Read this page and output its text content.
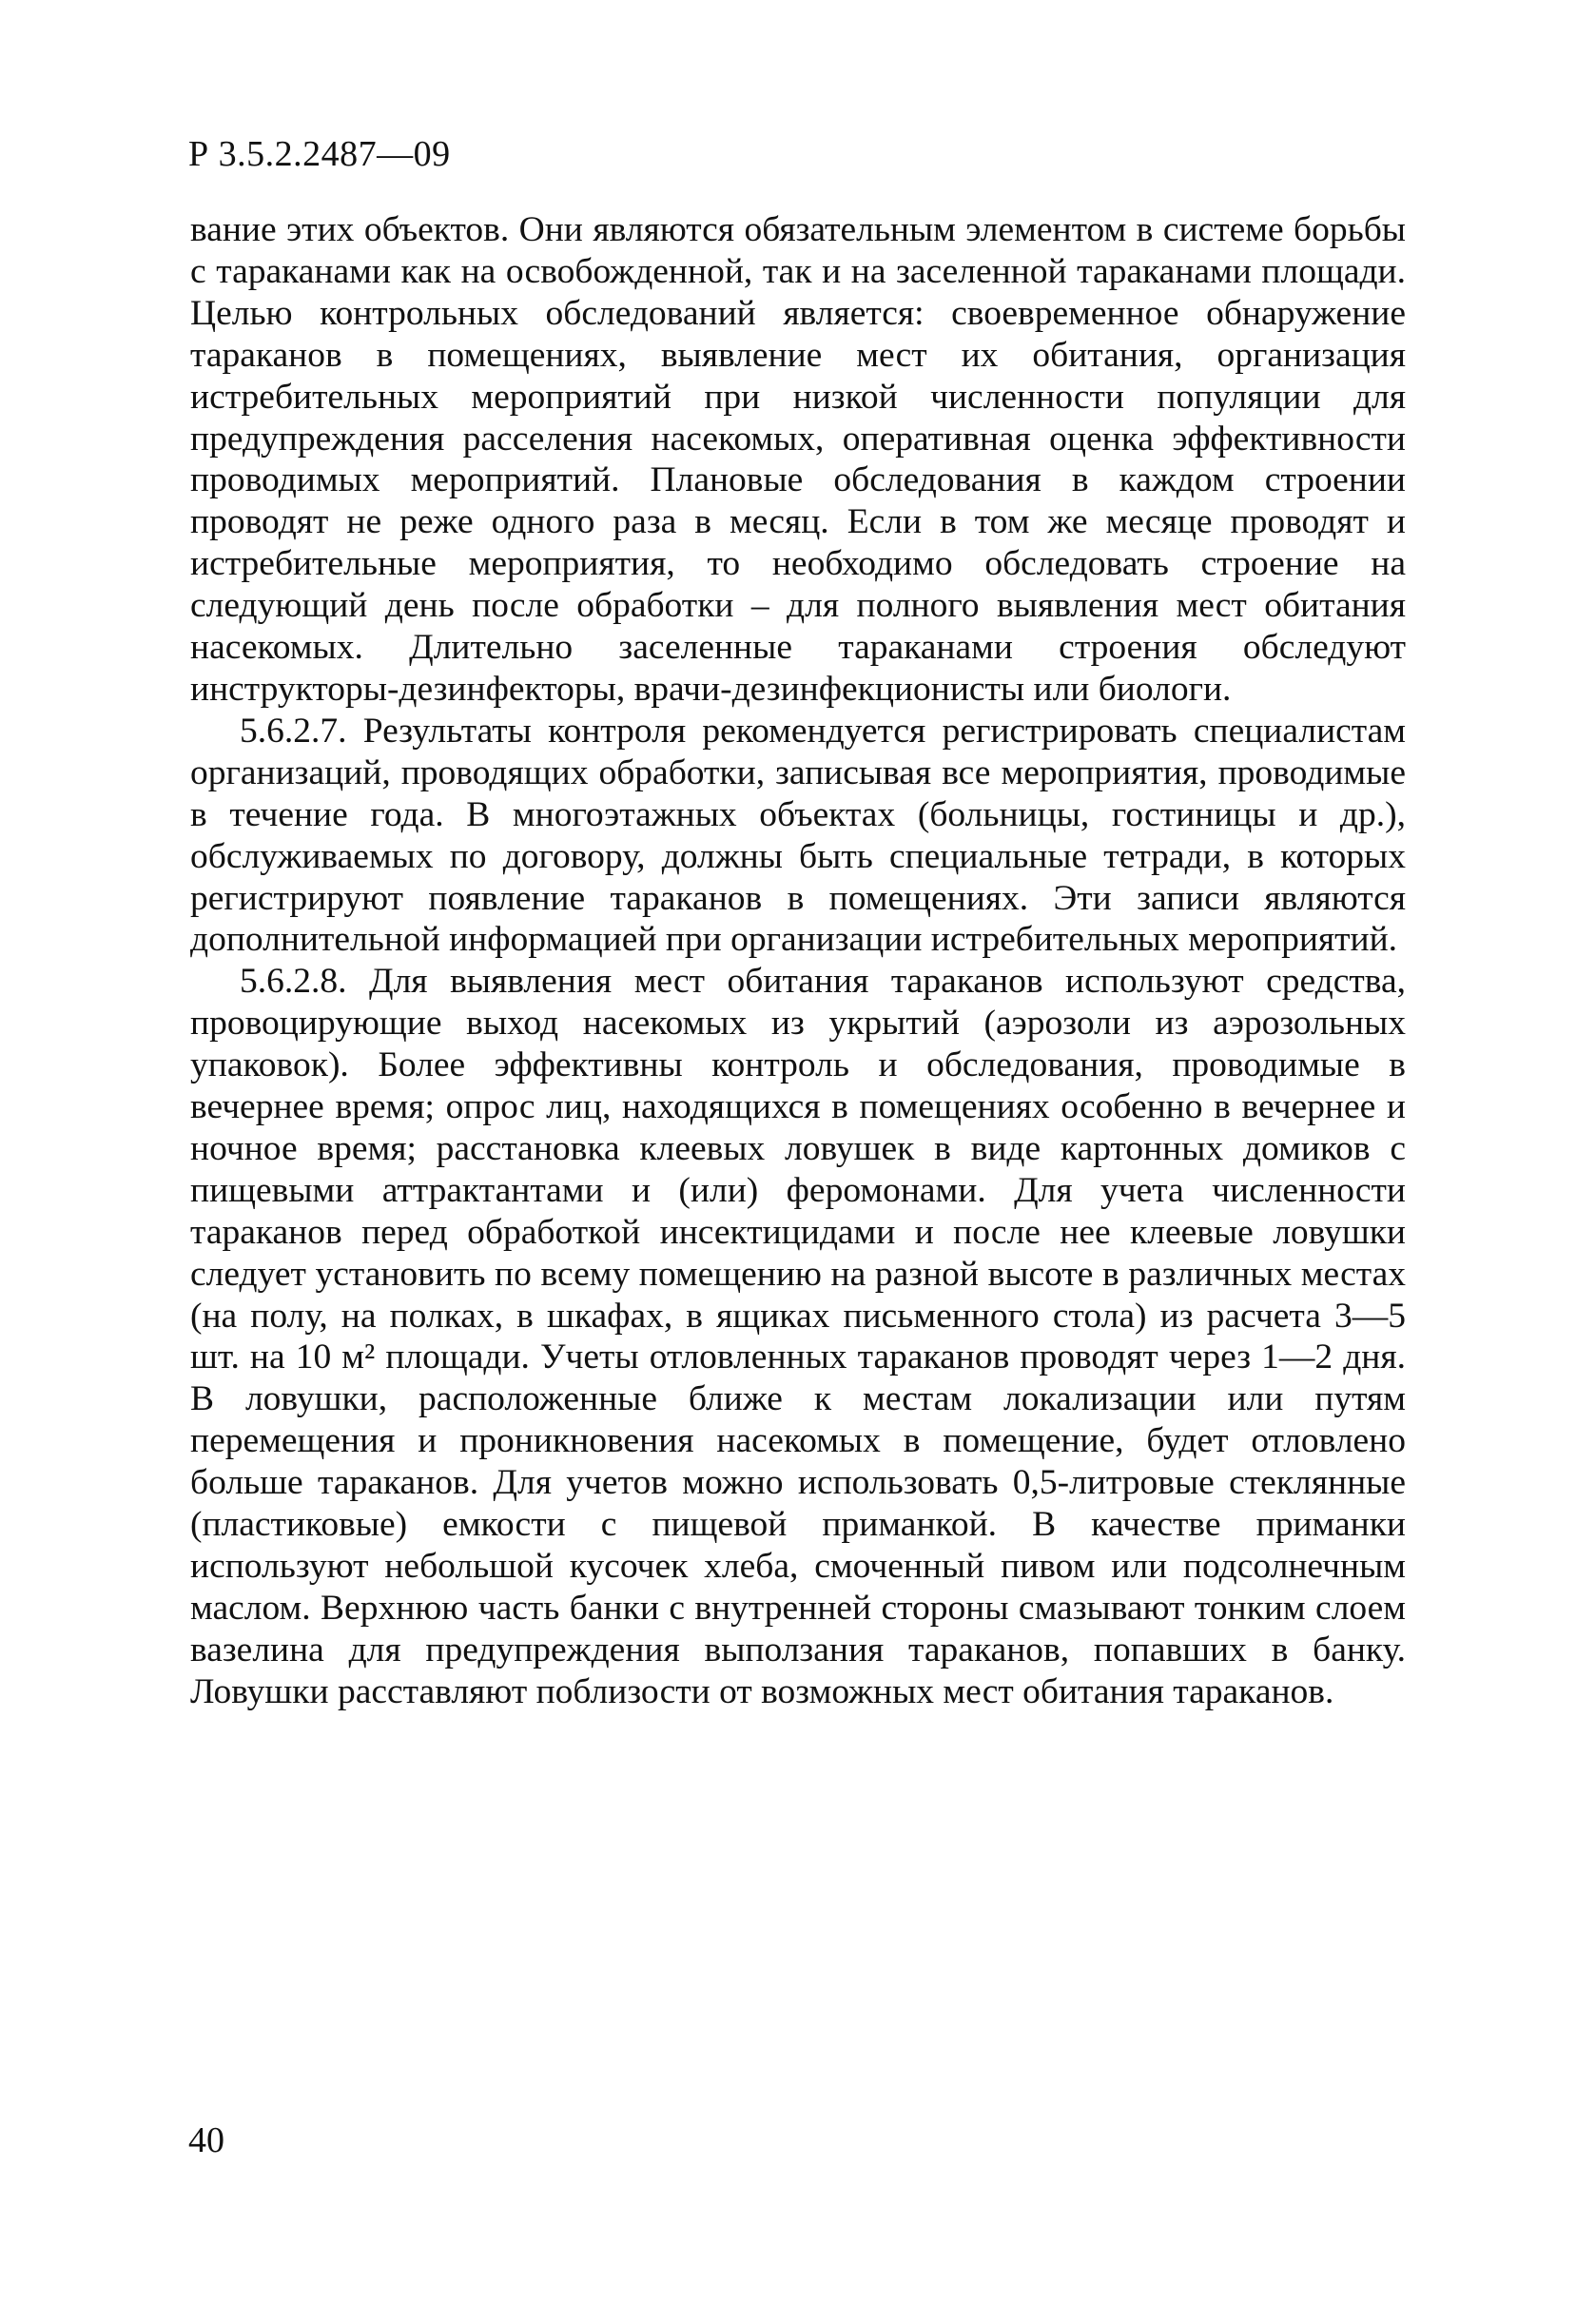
Р 3.5.2.2487—09

вание этих объектов. Они являются обязательным элементом в системе борьбы с тараканами как на освобожденной, так и на заселенной тараканами площади. Целью контрольных обследований является: своевременное обнаружение тараканов в помещениях, выявление мест их обитания, организация истребительных мероприятий при низкой численности популяции для предупреждения расселения насекомых, оперативная оценка эффективности проводимых мероприятий. Плановые обследования в каждом строении проводят не реже одного раза в месяц. Если в том же месяце проводят и истребительные мероприятия, то необходимо обследовать строение на следующий день после обработки – для полного выявления мест обитания насекомых. Длительно заселенные тараканами строения обследуют инструкторы-дезинфекторы, врачи-дезинфекционисты или биологи.

5.6.2.7. Результаты контроля рекомендуется регистрировать специалистам организаций, проводящих обработки, записывая все мероприятия, проводимые в течение года. В многоэтажных объектах (больницы, гостиницы и др.), обслуживаемых по договору, должны быть специальные тетради, в которых регистрируют появление тараканов в помещениях. Эти записи являются дополнительной информацией при организации истребительных мероприятий.

5.6.2.8. Для выявления мест обитания тараканов используют средства, провоцирующие выход насекомых из укрытий (аэрозоли из аэрозольных упаковок). Более эффективны контроль и обследования, проводимые в вечернее время; опрос лиц, находящихся в помещениях особенно в вечернее и ночное время; расстановка клеевых ловушек в виде картонных домиков с пищевыми аттрактантами и (или) феромонами. Для учета численности тараканов перед обработкой инсектицидами и после нее клеевые ловушки следует установить по всему помещению на разной высоте в различных местах (на полу, на полках, в шкафах, в ящиках письменного стола) из расчета 3—5 шт. на 10 м² площади. Учеты отловленных тараканов проводят через 1—2 дня. В ловушки, расположенные ближе к местам локализации или путям перемещения и проникновения насекомых в помещение, будет отловлено больше тараканов. Для учетов можно использовать 0,5-литровые стеклянные (пластиковые) емкости с пищевой приманкой. В качестве приманки используют небольшой кусочек хлеба, смоченный пивом или подсолнечным маслом. Верхнюю часть банки с внутренней стороны смазывают тонким слоем вазелина для предупреждения выползания тараканов, попавших в банку. Ловушки расставляют поблизости от возможных мест обитания тараканов.

40
